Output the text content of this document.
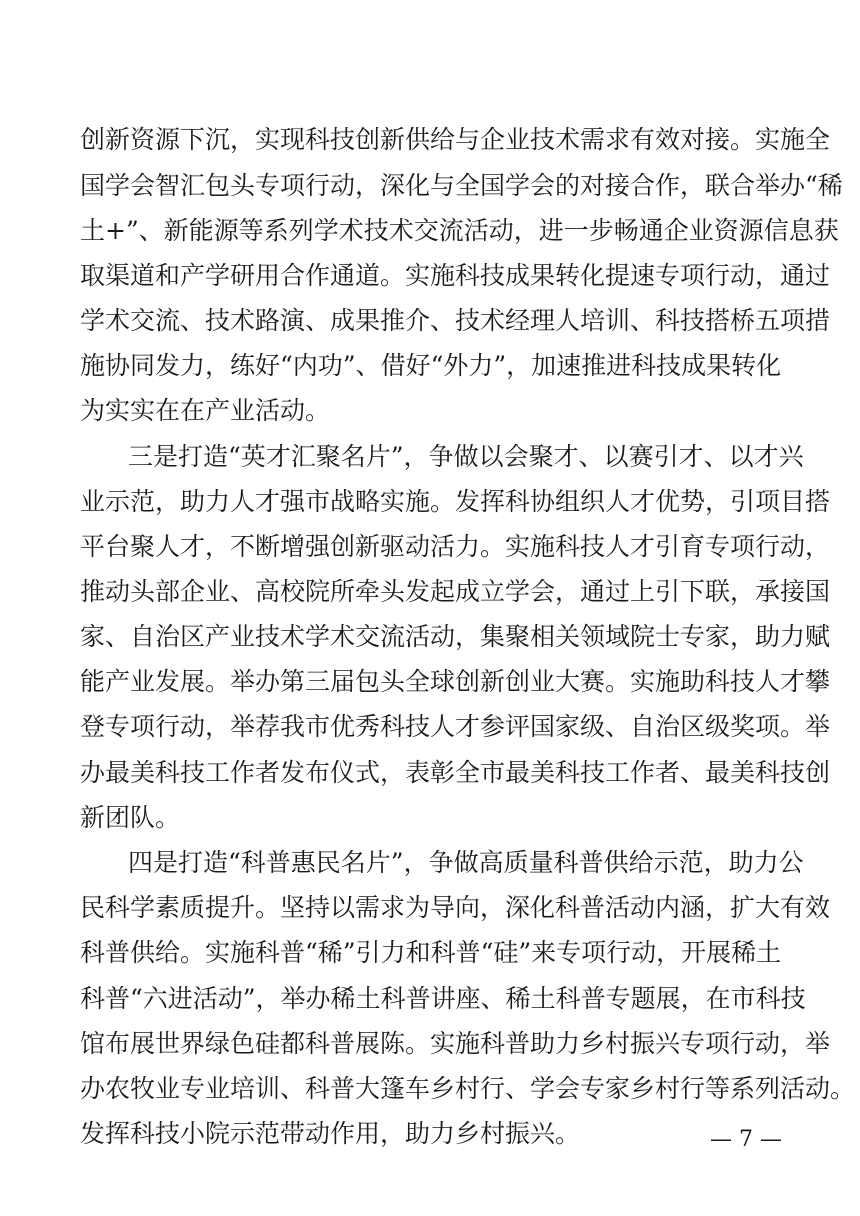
创新资源下沉，实现科技创新供给与企业技术需求有效对接。实施全
国学会智汇包头专项行动，深化与全国学会的对接合作，联合举办“稀
土+”、新能源等系列学术技术交流活动，进一步畅通企业资源信息获
取渠道和产学研用合作通道。实施科技成果转化提速专项行动，通过
学术交流、技术路演、成果推介、技术经理人培训、科技搭桥五项措
施协同发力，练好“内功”、借好“外力”，加速推进科技成果转化
为实实在在产业活动。
三是打造“英才汇聚名片”，争做以会聚才、以赛引才、以才兴
业示范，助力人才强市战略实施。发挥科协组织人才优势，引项目搭
平台聚人才，不断增强创新驱动活力。实施科技人才引育专项行动，
推动头部企业、高校院所牵头发起成立学会，通过上引下联，承接国
家、自治区产业技术学术交流活动，集聚相关领域院士专家，助力赋
能产业发展。举办第三届包头全球创新创业大赛。实施助科技人才攀
登专项行动，举荐我市优秀科技人才参评国家级、自治区级奖项。举
办最美科技工作者发布仪式，表彰全市最美科技工作者、最美科技创
新团队。
四是打造“科普惠民名片”，争做高质量科普供给示范，助力公
民科学素质提升。坚持以需求为导向，深化科普活动内涵，扩大有效
科普供给。实施科普“稀”引力和科普“硅”来专项行动，开展稀土
科普“六进活动”，举办稀土科普讲座、稀土科普专题展，在市科技
馆布展世界绿色硅都科普展陈。实施科普助力乡村振兴专项行动，举
办农牧业专业培训、科普大篷车乡村行、学会专家乡村行等系列活动。
发挥科技小院示范带动作用，助力乡村振兴。	— 7 —
